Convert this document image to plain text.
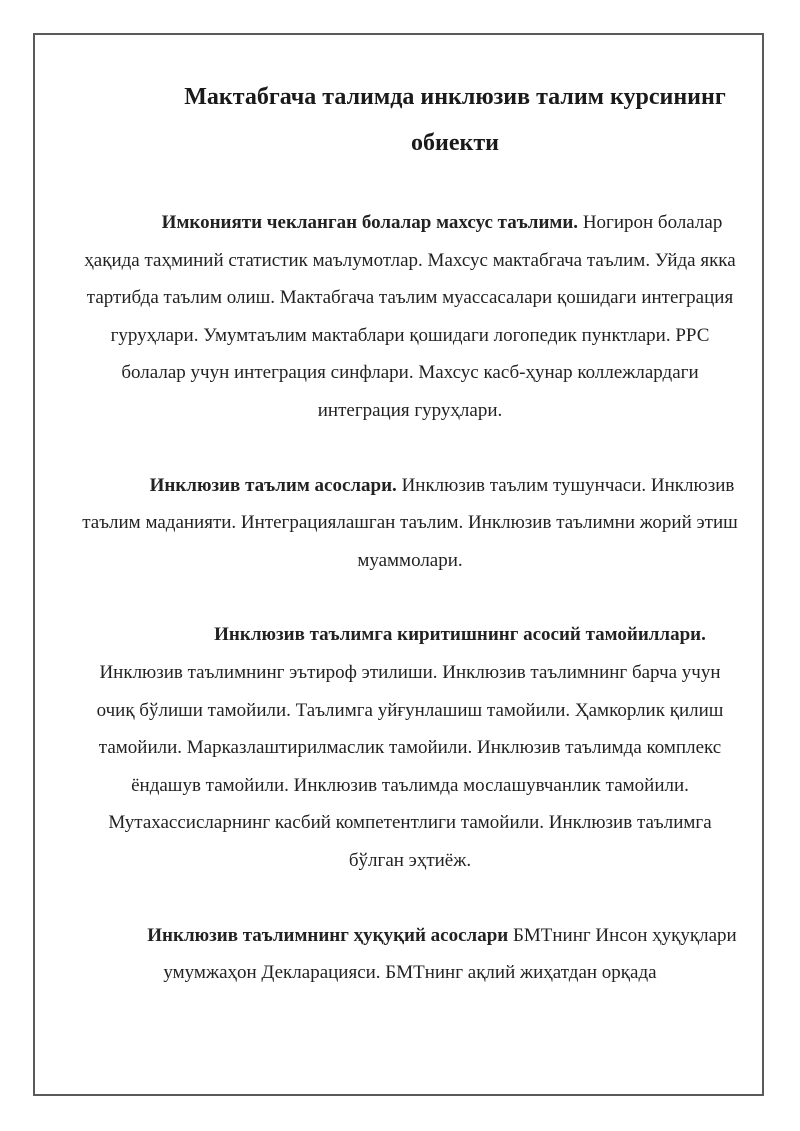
Мактабгача талимда инклюзив талим курсининг
обиекти

Имконияти чекланган болалар махсус таълими. Ногирон болалар ҳақида таҳминий статистик маълумотлар. Махсус мактабгача таълим. Уйда якка тартибда таълим олиш. Мактабгача таълим муассасалари қошидаги интеграция гуруҳлари. Умумтаълим мактаблари қошидаги логопедик пунктлари. РРС болалар учун интеграция синфлари. Махсус касб-ҳунар коллежлардаги интеграция гуруҳлари.

Инклюзив таълим асослари. Инклюзив таълим тушунчаси. Инклюзив таълим маданияти. Интеграциялашган таълим. Инклюзив таълимни жорий этиш муаммолари.

Инклюзив таълимга киритишнинг асосий тамойиллари. Инклюзив таълимнинг эътироф этилиши. Инклюзив таълимнинг барча учун очиқ бўлиши тамойили. Таълимга уйғунлашиш тамойили. Ҳамкорлик қилиш тамойили. Марказлаштирилмаслик тамойили. Инклюзив таълимда комплекс ёндашув тамойили. Инклюзив таълимда мослашувчанлик тамойили. Мутахассисларнинг касбий компетентлиги тамойили. Инклюзив таълимга бўлган эҳтиёж.

Инклюзив таълимнинг ҳуқуқий асослари БМТнинг Инсон ҳуқуқлари умумжаҳон Декларацияси. БМТнинг ақлий жиҳатдан орқада
